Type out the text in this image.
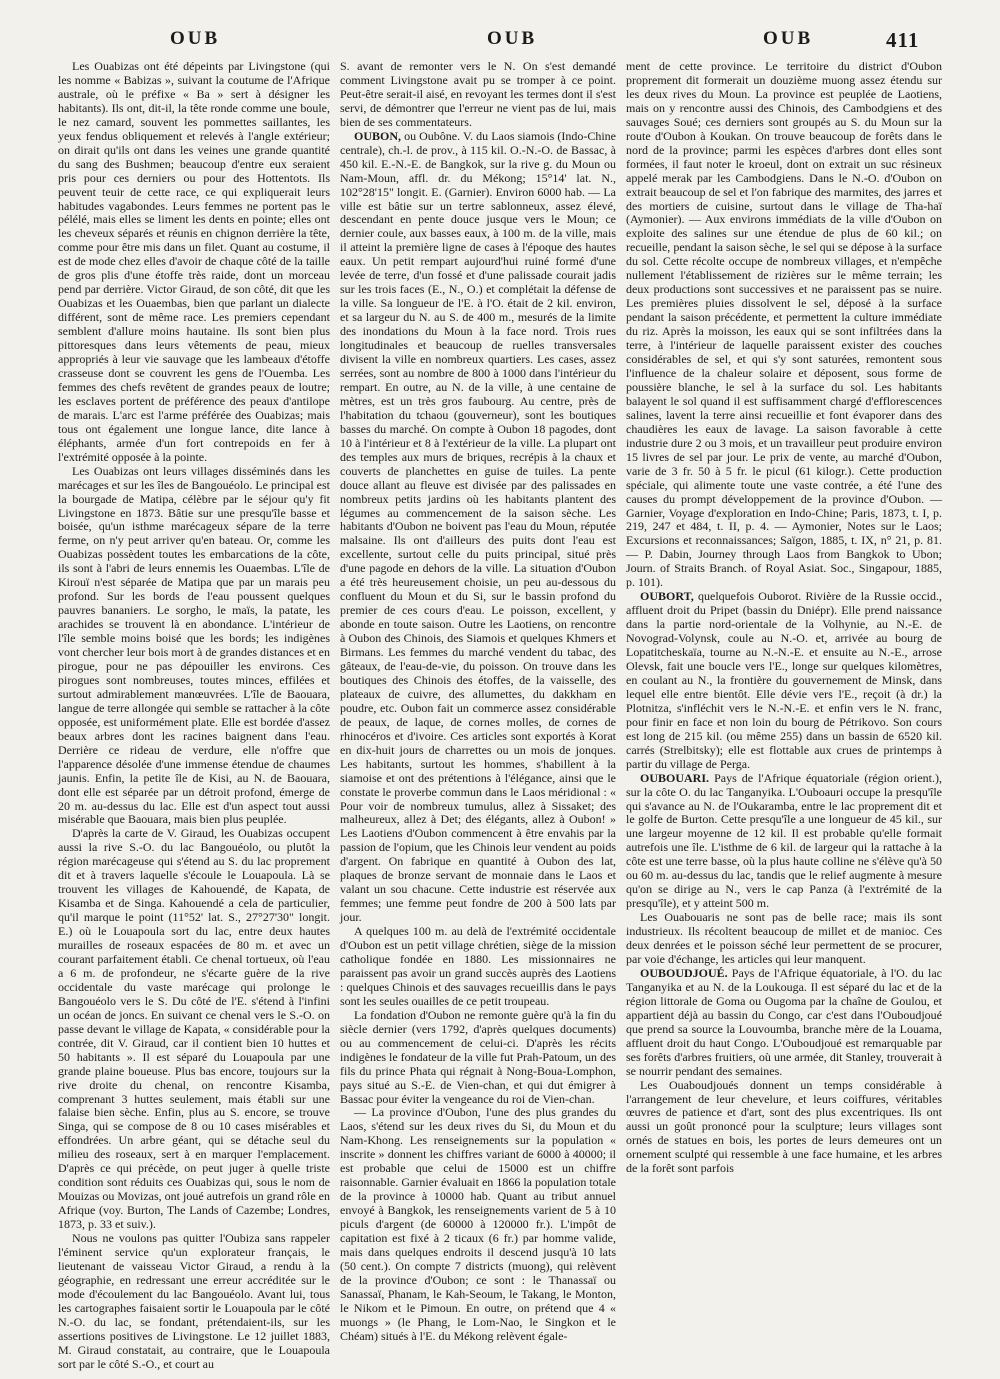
OUB	OUB	OUB	411

Les Ouabizas ont été dépeints par Livingstone (qui les nomme « Babizas », suivant la coutume de l'Afrique australe, où le préfixe « Ba » sert à désigner les habitants). Ils ont, dit-il, la tête ronde comme une boule, le nez camard, souvent les pommettes saillantes, les yeux fendus obliquement et relevés à l'angle extérieur; on dirait qu'ils ont dans les veines une grande quantité du sang des Bushmen; beaucoup d'entre eux seraient pris pour ces derniers ou pour des Hottentots. Ils peuvent teuir de cette race, ce qui expliquerait leurs habitudes vagabondes. Leurs femmes ne portent pas le pélélé, mais elles se liment les dents en pointe; elles ont les cheveux séparés et réunis en chignon derrière la tête, comme pour être mis dans un filet. Quant au costume, il est de mode chez elles d'avoir de chaque côté de la taille de gros plis d'une étoffe très raide, dont un morceau pend par derrière. Victor Giraud, de son côté, dit que les Ouabizas et les Ouaembas, bien que parlant un dialecte différent, sont de même race. Les premiers cependant semblent d'allure moins hautaine. Ils sont bien plus pittoresques dans leurs vêtements de peau, mieux appropriés à leur vie sauvage que les lambeaux d'étoffe crasseuse dont se couvrent les gens de l'Ouemba. Les femmes des chefs revêtent de grandes peaux de loutre; les esclaves portent de préférence des peaux d'antilope de marais. L'arc est l'arme préférée des Ouabizas; mais tous ont également une longue lance, dite lance à éléphants, armée d'un fort contrepoids en fer à l'extrémité opposée à la pointe.

Les Ouabizas ont leurs villages disséminés dans les marécages et sur les îles de Bangouéolo. Le principal est la bourgade de Matipa, célèbre par le séjour qu'y fit Livingstone en 1873. Bâtie sur une presqu'île basse et boisée, qu'un isthme marécageux sépare de la terre ferme, on n'y peut arriver qu'en bateau. Or, comme les Ouabizas possèdent toutes les embarcations de la côte, ils sont à l'abri de leurs ennemis les Ouaembas. L'île de Kirouï n'est séparée de Matipa que par un marais peu profond. Sur les bords de l'eau poussent quelques pauvres bananiers. Le sorgho, le maïs, la patate, les arachides se trouvent là en abondance. L'intérieur de l'île semble moins boisé que les bords; les indigènes vont chercher leur bois mort à de grandes distances et en pirogue, pour ne pas dépouiller les environs. Ces pirogues sont nombreuses, toutes minces, effilées et surtout admirablement manœuvrées. L'île de Baouara, langue de terre allongée qui semble se rattacher à la côte opposée, est uniformément plate. Elle est bordée d'assez beaux arbres dont les racines baignent dans l'eau. Derrière ce rideau de verdure, elle n'offre que l'apparence désolée d'une immense étendue de chaumes jaunis. Enfin, la petite île de Kisi, au N. de Baouara, dont elle est séparée par un détroit profond, émerge de 20 m. au-dessus du lac. Elle est d'un aspect tout aussi misérable que Baouara, mais bien plus peuplée.

D'après la carte de V. Giraud, les Ouabizas occupent aussi la rive S.-O. du lac Bangouéolo, ou plutôt la région marécageuse qui s'étend au S. du lac proprement dit et à travers laquelle s'écoule le Louapoula. Là se trouvent les villages de Kahouendé, de Kapata, de Kisamba et de Singa. Kahouendé a cela de particulier, qu'il marque le point (11°52' lat. S., 27°27'30" longit. E.) où le Louapoula sort du lac, entre deux hautes murailles de roseaux espacées de 80 m. et avec un courant parfaitement établi. Ce chenal tortueux, où l'eau a 6 m. de profondeur, ne s'écarte guère de la rive occidentale du vaste marécage qui prolonge le Bangouéolo vers le S. Du côté de l'E. s'étend à l'infini un océan de joncs. En suivant ce chenal vers le S.-O. on passe devant le village de Kapata, « considérable pour la contrée, dit V. Giraud, car il contient bien 10 huttes et 50 habitants ». Il est séparé du Louapoula par une grande plaine boueuse. Plus bas encore, toujours sur la rive droite du chenal, on rencontre Kisamba, comprenant 3 huttes seulement, mais établi sur une falaise bien sèche. Enfin, plus au S. encore, se trouve Singa, qui se compose de 8 ou 10 cases misérables et effondrées. Un arbre géant, qui se détache seul du milieu des roseaux, sert à en marquer l'emplacement. D'après ce qui précède, on peut juger à quelle triste condition sont réduits ces Ouabizas qui, sous le nom de Mouizas ou Movizas, ont joué autrefois un grand rôle en Afrique (voy. Burton, The Lands of Cazembe; Londres, 1873, p. 33 et suiv.).

Nous ne voulons pas quitter l'Oubiza sans rappeler l'éminent service qu'un explorateur français, le lieutenant de vaisseau Victor Giraud, a rendu à la géographie, en redressant une erreur accréditée sur le mode d'écoulement du lac Bangouéolo. Avant lui, tous les cartographes faisaient sortir le Louapoula par le côté N.-O. du lac, se fondant, prétendaient-ils, sur les assertions positives de Livingstone. Le 12 juillet 1883, M. Giraud constatait, au contraire, que le Louapoula sort par le côté S.-O., et court au

S. avant de remonter vers le N. On s'est demandé comment Livingstone avait pu se tromper à ce point. Peut-être serait-il aisé, en revoyant les termes dont il s'est servi, de démontrer que l'erreur ne vient pas de lui, mais bien de ses commentateurs.

OUBON, ou Oubône. V. du Laos siamois (Indo-Chine centrale), ch.-l. de prov., à 115 kil. O.-N.-O. de Bassac, à 450 kil. E.-N.-E. de Bangkok, sur la rive g. du Moun ou Nam-Moun, affl. dr. du Mékong; 15°14' lat. N., 102°28'15" longit. E. (Garnier). Environ 6000 hab. — La ville est bâtie sur un tertre sablonneux, assez élevé, descendant en pente douce jusque vers le Moun; ce dernier coule, aux basses eaux, à 100 m. de la ville, mais il atteint la première ligne de cases à l'époque des hautes eaux. Un petit rempart aujourd'hui ruiné formé d'une levée de terre, d'un fossé et d'une palissade courait jadis sur les trois faces (E., N., O.) et complétait la défense de la ville. Sa longueur de l'E. à l'O. était de 2 kil. environ, et sa largeur du N. au S. de 400 m., mesurés de la limite des inondations du Moun à la face nord. Trois rues longitudinales et beaucoup de ruelles transversales divisent la ville en nombreux quartiers. Les cases, assez serrées, sont au nombre de 800 à 1000 dans l'intérieur du rempart. En outre, au N. de la ville, à une centaine de mètres, est un très gros faubourg. Au centre, près de l'habitation du tchaou (gouverneur), sont les boutiques basses du marché. On compte à Oubon 18 pagodes, dont 10 à l'intérieur et 8 à l'extérieur de la ville. La plupart ont des temples aux murs de briques, recrépis à la chaux et couverts de planchettes en guise de tuiles. La pente douce allant au fleuve est divisée par des palissades en nombreux petits jardins où les habitants plantent des légumes au commencement de la saison sèche. Les habitants d'Oubon ne boivent pas l'eau du Moun, réputée malsaine. Ils ont d'ailleurs des puits dont l'eau est excellente, surtout celle du puits principal, situé près d'une pagode en dehors de la ville. La situation d'Oubon a été très heureusement choisie, un peu au-dessous du confluent du Moun et du Si, sur le bassin profond du premier de ces cours d'eau. Le poisson, excellent, y abonde en toute saison. Outre les Laotiens, on rencontre à Oubon des Chinois, des Siamois et quelques Khmers et Birmans. Les femmes du marché vendent du tabac, des gâteaux, de l'eau-de-vie, du poisson. On trouve dans les boutiques des Chinois des étoffes, de la vaisselle, des plateaux de cuivre, des allumettes, du dakkham en poudre, etc. Oubon fait un commerce assez considérable de peaux, de laque, de cornes molles, de cornes de rhinocéros et d'ivoire. Ces articles sont exportés à Korat en dix-huit jours de charrettes ou un mois de jonques. Les habitants, surtout les hommes, s'habillent à la siamoise et ont des prétentions à l'élégance, ainsi que le constate le proverbe commun dans le Laos méridional : « Pour voir de nombreux tumulus, allez à Sissaket; des malheureux, allez à Det; des élégants, allez à Oubon! » Les Laotiens d'Oubon commencent à être envahis par la passion de l'opium, que les Chinois leur vendent au poids d'argent. On fabrique en quantité à Oubon des lat, plaques de bronze servant de monnaie dans le Laos et valant un sou chacune. Cette industrie est réservée aux femmes; une femme peut fondre de 200 à 500 lats par jour.

A quelques 100 m. au delà de l'extrémité occidentale d'Oubon est un petit village chrétien, siège de la mission catholique fondée en 1880. Les missionnaires ne paraissent pas avoir un grand succès auprès des Laotiens : quelques Chinois et des sauvages recueillis dans le pays sont les seules ouailles de ce petit troupeau.

La fondation d'Oubon ne remonte guère qu'à la fin du siècle dernier (vers 1792, d'après quelques documents) ou au commencement de celui-ci. D'après les récits indigènes le fondateur de la ville fut Prah-Patoum, un des fils du prince Phata qui régnait à Nong-Boua-Lomphon, pays situé au S.-E. de Vien-chan, et qui dut émigrer à Bassac pour éviter la vengeance du roi de Vien-chan.

— La province d'Oubon, l'une des plus grandes du Laos, s'étend sur les deux rives du Si, du Moun et du Nam-Khong. Les renseignements sur la population « inscrite » donnent les chiffres variant de 6000 à 40000; il est probable que celui de 15000 est un chiffre raisonnable. Garnier évaluait en 1866 la population totale de la province à 10000 hab. Quant au tribut annuel envoyé à Bangkok, les renseignements varient de 5 à 10 piculs d'argent (de 60000 à 120000 fr.). L'impôt de capitation est fixé à 2 ticaux (6 fr.) par homme valide, mais dans quelques endroits il descend jusqu'à 10 lats (50 cent.). On compte 7 districts (muong), qui relèvent de la province d'Oubon; ce sont : le Thanassaï ou Sanassaï, Phanam, le Kah-Seoum, le Takang, le Monton, le Nikom et le Pimoun. En outre, on prétend que 4 « muongs » (le Phang, le Lom-Nao, le Singkon et le Chéam) situés à l'E. du Mékong relèvent égale-

ment de cette province. Le territoire du district d'Oubon proprement dit formerait un douzième muong assez étendu sur les deux rives du Moun. La province est peuplée de Laotiens, mais on y rencontre aussi des Chinois, des Cambodgiens et des sauvages Soué; ces derniers sont groupés au S. du Moun sur la route d'Oubon à Koukan. On trouve beaucoup de forêts dans le nord de la province; parmi les espèces d'arbres dont elles sont formées, il faut noter le kroeul, dont on extrait un suc résineux appelé merak par les Cambodgiens. Dans le N.-O. d'Oubon on extrait beaucoup de sel et l'on fabrique des marmites, des jarres et des mortiers de cuisine, surtout dans le village de Tha-haï (Aymonier). — Aux environs immédiats de la ville d'Oubon on exploite des salines sur une étendue de plus de 60 kil.; on recueille, pendant la saison sèche, le sel qui se dépose à la surface du sol. Cette récolte occupe de nombreux villages, et n'empêche nullement l'établissement de rizières sur le même terrain; les deux productions sont successives et ne paraissent pas se nuire. Les premières pluies dissolvent le sel, déposé à la surface pendant la saison précédente, et permettent la culture immédiate du riz. Après la moisson, les eaux qui se sont infiltrées dans la terre, à l'intérieur de laquelle paraissent exister des couches considérables de sel, et qui s'y sont saturées, remontent sous l'influence de la chaleur solaire et déposent, sous forme de poussière blanche, le sel à la surface du sol. Les habitants balayent le sol quand il est suffisamment chargé d'efflorescences salines, lavent la terre ainsi recueillie et font évaporer dans des chaudières les eaux de lavage. La saison favorable à cette industrie dure 2 ou 3 mois, et un travailleur peut produire environ 15 livres de sel par jour. Le prix de vente, au marché d'Oubon, varie de 3 fr. 50 à 5 fr. le picul (61 kilogr.). Cette production spéciale, qui alimente toute une vaste contrée, a été l'une des causes du prompt développement de la province d'Oubon. — Garnier, Voyage d'exploration en Indo-Chine; Paris, 1873, t. I, p. 219, 247 et 484, t. II, p. 4. — Aymonier, Notes sur le Laos; Excursions et reconnaissances; Saïgon, 1885, t. IX, n° 21, p. 81. — P. Dabin, Journey through Laos from Bangkok to Ubon; Journ. of Straits Branch. of Royal Asiat. Soc., Singapour, 1885, p. 101).

OUBORT, quelquefois Ouborot. Rivière de la Russie occid., affluent droit du Pripet (bassin du Dniépr). Elle prend naissance dans la partie nord-orientale de la Volhynie, au N.-E. de Novograd-Volynsk, coule au N.-O. et, arrivée au bourg de Lopatitcheskaïa, tourne au N.-N.-E. et ensuite au N.-E., arrose Olevsk, fait une boucle vers l'E., longe sur quelques kilomètres, en coulant au N., la frontière du gouvernement de Minsk, dans lequel elle entre bientôt. Elle dévie vers l'E., reçoit (à dr.) la Plotnitza, s'infléchit vers le N.-N.-E. et enfin vers le N. franc, pour finir en face et non loin du bourg de Pétrikovo. Son cours est long de 215 kil. (ou même 255) dans un bassin de 6520 kil. carrés (Strelbitsky); elle est flottable aux crues de printemps à partir du village de Perga.

OUBOUARI. Pays de l'Afrique équatoriale (région orient.), sur la côte O. du lac Tanganyika. L'Ouboauri occupe la presqu'île qui s'avance au N. de l'Oukaramba, entre le lac proprement dit et le golfe de Burton. Cette presqu'île a une longueur de 45 kil., sur une largeur moyenne de 12 kil. Il est probable qu'elle formait autrefois une île. L'isthme de 6 kil. de largeur qui la rattache à la côte est une terre basse, où la plus haute colline ne s'élève qu'à 50 ou 60 m. au-dessus du lac, tandis que le relief augmente à mesure qu'on se dirige au N., vers le cap Panza (à l'extrémité de la presqu'île), et y atteint 500 m.

Les Ouabouaris ne sont pas de belle race; mais ils sont industrieux. Ils récoltent beaucoup de millet et de manioc. Ces deux denrées et le poisson séché leur permettent de se procurer, par voie d'échange, les articles qui leur manquent.

OUBOUDJOUÉ. Pays de l'Afrique équatoriale, à l'O. du lac Tanganyika et au N. de la Loukouga. Il est séparé du lac et de la région littorale de Goma ou Ougoma par la chaîne de Goulou, et appartient déjà au bassin du Congo, car c'est dans l'Ouboudjoué que prend sa source la Louvoumba, branche mère de la Louama, affluent droit du haut Congo. L'Ouboudjoué est remarquable par ses forêts d'arbres fruitiers, où une armée, dit Stanley, trouverait à se nourrir pendant des semaines.

Les Ouaboudjoués donnent un temps considérable à l'arrangement de leur chevelure, et leurs coiffures, véritables œuvres de patience et d'art, sont des plus excentriques. Ils ont aussi un goût prononcé pour la sculpture; leurs villages sont ornés de statues en bois, les portes de leurs demeures ont un ornement sculpté qui ressemble à une face humaine, et les arbres de la forêt sont parfois
